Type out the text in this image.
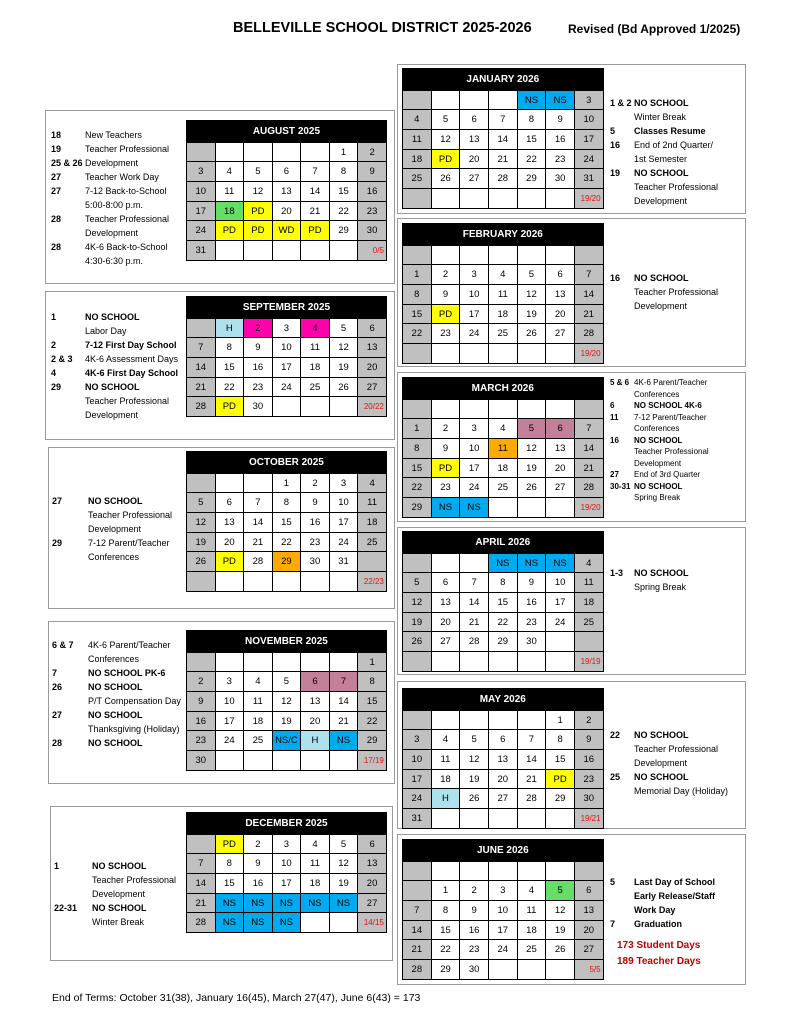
BELLEVILLE SCHOOL DISTRICT 2025-2026	Revised (Bd Approved 1/2025)
AUGUST 2025						
					1	2
3	4	5	6	7	8	9
10	11	12	13	14	15	16
17	18	PD	20	21	22	23
24	PD	PD	WD	PD	29	30
31						0/5
SEPTEMBER 2025						
	H	2	3	4	5	6
7	8	9	10	11	12	13
14	15	16	17	18	19	20
21	22	23	24	25	26	27
28	PD	30				20/22
OCTOBER 2025						
			1	2	3	4
5	6	7	8	9	10	11
12	13	14	15	16	17	18
19	20	21	22	23	24	25
26	PD	28	29	30	31	
						22/23
NOVEMBER 2025						
						1
2	3	4	5	6	7	8
9	10	11	12	13	14	15
16	17	18	19	20	21	22
23	24	25	NS/C	H	NS	29
30						17/19
DECEMBER 2025						
	PD	2	3	4	5	6
7	8	9	10	11	12	13
14	15	16	17	18	19	20
21	NS	NS	NS	NS	NS	27
28	NS	NS	NS			14/15
JANUARY 2026						
				NS	NS	3
4	5	6	7	8	9	10
11	12	13	14	15	16	17
18	PD	20	21	22	23	24
25	26	27	28	29	30	31
						19/20
FEBRUARY 2026						

1	2	3	4	5	6	7
8	9	10	11	12	13	14
15	PD	17	18	19	20	21
22	23	24	25	26	27	28
						19/20
MARCH 2026						

1	2	3	4	5	6	7
8	9	10	11	12	13	14
15	PD	17	18	19	20	21
22	23	24	25	26	27	28
29	NS	NS				19/20
APRIL 2026						
			NS	NS	NS	4
5	6	7	8	9	10	11
12	13	14	15	16	17	18
19	20	21	22	23	24	25
26	27	28	29	30		
						19/19
MAY 2026						
					1	2
3	4	5	6	7	8	9
10	11	12	13	14	15	16
17	18	19	20	21	PD	23
24	H	26	27	28	29	30
31						19/21
JUNE 2026						

	1	2	3	4	5	6
7	8	9	10	11	12	13
14	15	16	17	18	19	20
21	22	23	24	25	26	27
28	29	30				5/5
18	New Teachers
19	Teacher Professional
25 & 26 Development
27	Teacher Work Day
27	7-12 Back-to-School
5:00-8:00 p.m.
28	Teacher Professional
Development
28	4K-6 Back-to-School
4:30-6:30 p.m.
1	NO SCHOOL
Labor Day
2	7-12 First Day School
2 & 3	4K-6 Assessment Days
4	4K-6 First Day School
29	NO SCHOOL
Teacher Professional
Development
27	NO SCHOOL
Teacher Professional
Development
29	7-12 Parent/Teacher
Conferences
6 & 7	4K-6 Parent/Teacher
Conferences
7	NO SCHOOL PK-6
26	NO SCHOOL
P/T Compensation Day
27	NO SCHOOL
Thanksgiving (Holiday)
28	NO SCHOOL
1	NO SCHOOL
Teacher Professional
Development
22-31	NO SCHOOL
Winter Break
1 & 2 NO SCHOOL
Winter Break
5	Classes Resume
16	End of 2nd Quarter/
1st Semester
19	NO SCHOOL
Teacher Professional
Development
16	NO SCHOOL
Teacher Professional
Development
5 & 6 4K-6 Parent/Teacher
Conferences
6	NO SCHOOL 4K-6
11	7-12 Parent/Teacher
Conferences
16	NO SCHOOL
Teacher Professional
Development
27	End of 3rd Quarter
30-31 NO SCHOOL
Spring Break
1-3	NO SCHOOL
Spring Break
22	NO SCHOOL
Teacher Professional
Development
25	NO SCHOOL
Memorial Day (Holiday)
5	Last Day of School
Early Release/Staff
Work Day
7	Graduation
173 Student Days
189 Teacher Days
End of Terms: October 31(38), January 16(45), March 27(47), June 6(43) = 173
